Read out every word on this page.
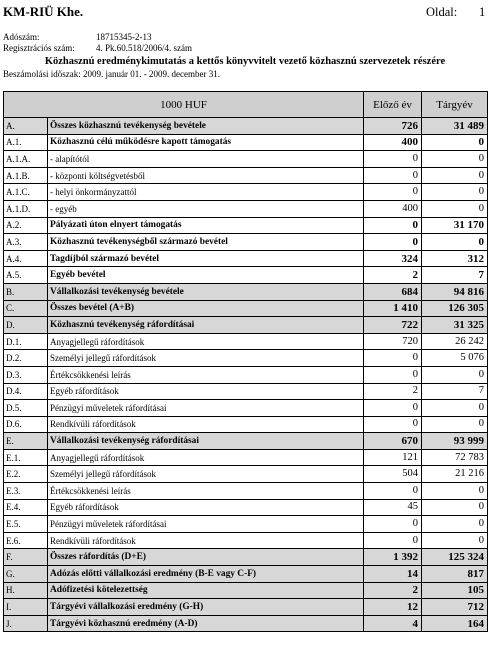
KM-RIÜ Khe.	Oldal: 1
Adószám:	18715345-2-13
Regisztrációs szám: 4. Pk.60.518/2006/4. szám
Közhasznú eredménykimutatás a kettős könyvvitelt vezető közhasznú szervezetek részére
Beszámolási időszak: 2009. január 01. - 2009. december 31.
1000 HUF		Előző év	Tárgyév
A.	Összes közhasznú tevékenység bevétele	726	31 489
A.1.	Közhasznú célú működésre kapott támogatás	400	0
A.1.A.	- alapítótól	0	0
A.1.B.	- központi költségvetésből	0	0
A.1.C.	- helyi önkormányzattól	0	0
A.1.D.	- egyéb	400	0
A.2.	Pályázati úton elnyert támogatás	0	31 170
A.3.	Közhasznú tevékenységből származó bevétel	0	0
A.4.	Tagdíjból származó bevétel	324	312
A.5.	Egyéb bevétel	2	7
B.	Vállalkozási tevékenység bevétele	684	94 816
C.	Összes bevétel (A+B)	1 410	126 305
D.	Közhasznú tevékenység ráfordításai	722	31 325
D.1.	Anyagjellegű ráfordítások	720	26 242
D.2.	Személyi jellegű ráfordítások	0	5 076
D.3.	Értékcsökkenési leírás	0	0
D.4.	Egyéb ráfordítások	2	7
D.5.	Pénzügyi műveletek ráfordításai	0	0
D.6.	Rendkívüli ráfordítások	0	0
E.	Vállalkozási tevékenység ráfordításai	670	93 999
E.1.	Anyagjellegű ráfordítások	121	72 783
E.2.	Személyi jellegű ráfordítások	504	21 216
E.3.	Értékcsökkenési leírás	0	0
E.4.	Egyéb ráfordítások	45	0
E.5.	Pénzügyi műveletek ráfordításai	0	0
E.6.	Rendkívüli ráfordítások	0	0
F.	Összes ráfordítás (D+E)	1 392	125 324
G.	Adózás előtti vállalkozási eredmény (B-E vagy C-F)	14	817
H.	Adófizetési kötelezettség	2	105
I.	Tárgyévi vállalkozási eredmény (G-H)	12	712
J.	Tárgyévi közhasznú eredmény (A-D)	4	164
